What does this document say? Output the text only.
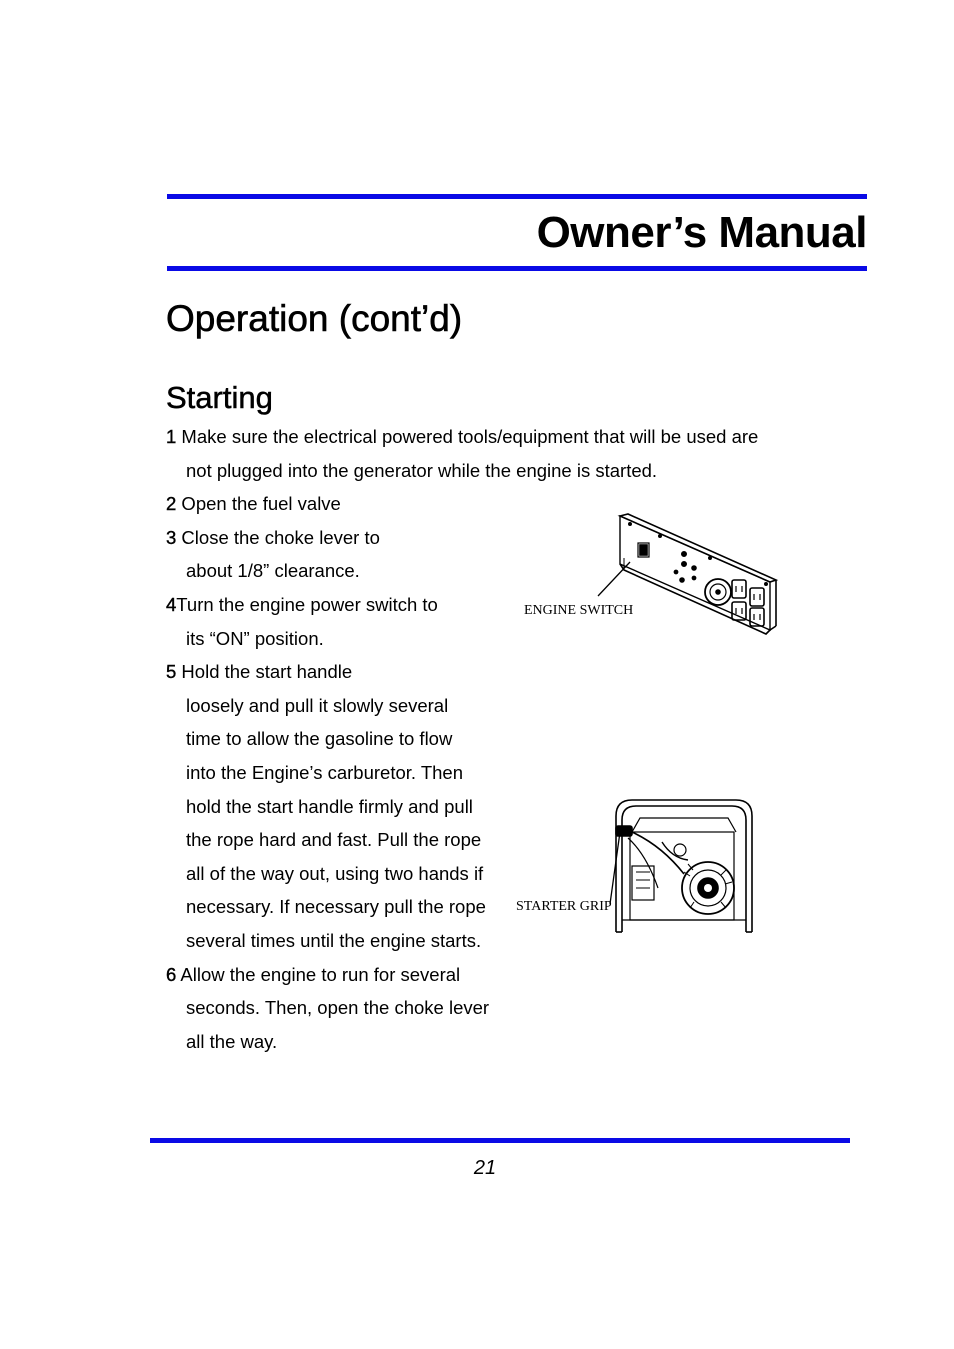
Owner’s Manual
Operation (cont’d)
Starting
1 Make sure the electrical powered tools/equipment that will be used are
not plugged into the generator while the engine is started.
2 Open the fuel valve
3 Close the choke lever to
about 1/8” clearance.
4Turn the engine power switch to
its “ON” position.
5 Hold the start handle
loosely and pull it slowly several
time to allow the gasoline to flow
into the Engine’s carburetor. Then
hold the start handle firmly and pull
the rope hard and fast. Pull the rope
all of the way out, using two hands if
necessary. If necessary pull the rope
several times until the engine starts.
6 Allow the engine to run for several
seconds. Then, open the choke lever
all the way.
ENGINE SWITCH
STARTER GRIP
21
